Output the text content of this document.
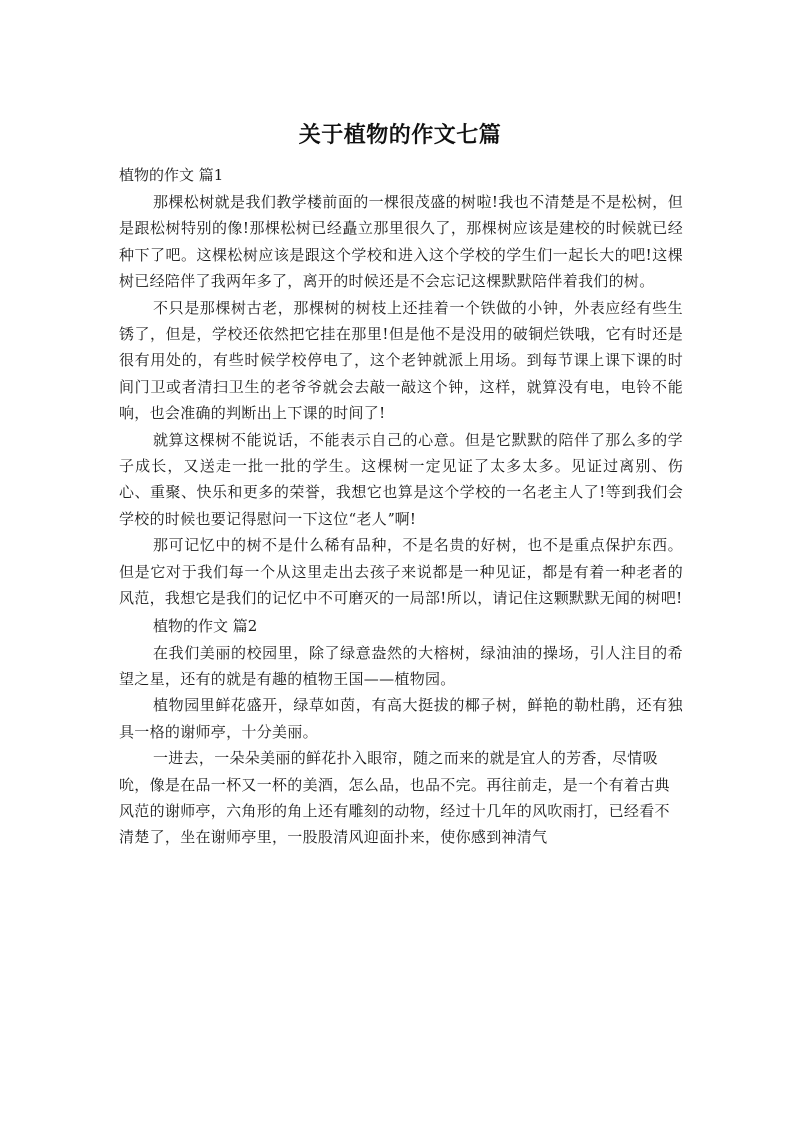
关于植物的作文七篇
植物的作文 篇1

那棵松树就是我们教学楼前面的一棵很茂盛的树啦!我也不清楚是不是松树，但是跟松树特别的像!那棵松树已经矗立那里很久了，那棵树应该是建校的时候就已经种下了吧。这棵松树应该是跟这个学校和进入这个学校的学生们一起长大的吧!这棵树已经陪伴了我两年多了，离开的时候还是不会忘记这棵默默陪伴着我们的树。

不只是那棵树古老，那棵树的树枝上还挂着一个铁做的小钟，外表应经有些生锈了，但是，学校还依然把它挂在那里!但是他不是没用的破铜烂铁哦，它有时还是很有用处的，有些时候学校停电了，这个老钟就派上用场。到每节课上课下课的时间门卫或者清扫卫生的老爷爷就会去敲一敲这个钟，这样，就算没有电，电铃不能响，也会准确的判断出上下课的时间了!

就算这棵树不能说话，不能表示自己的心意。但是它默默的陪伴了那么多的学子成长，又送走一批一批的学生。这棵树一定见证了太多太多。见证过离别、伤心、重聚、快乐和更多的荣誉，我想它也算是这个学校的一名老主人了!等到我们会学校的时候也要记得慰问一下这位“老人ˮ啊!

那可记忆中的树不是什么稀有品种，不是名贵的好树，也不是重点保护东西。但是它对于我们每一个从这里走出去孩子来说都是一种见证，都是有着一种老者的风范，我想它是我们的记忆中不可磨灭的一局部!所以，请记住这颗默默无闻的树吧!

植物的作文 篇2

在我们美丽的校园里，除了绿意盎然的大榕树，绿油油的操场，引人注目的希望之星，还有的就是有趣的植物王国——植物园。

植物园里鲜花盛开，绿草如茵，有高大挺拔的椰子树，鲜艳的勒杜鹃，还有独具一格的谢师亭，十分美丽。

一进去，一朵朵美丽的鲜花扑入眼帘，随之而来的就是宜人的芳香，尽情吸吮，像是在品一杯又一杯的美酒，怎么品，也品不完。再往前走，是一个有着古典风范的谢师亭，六角形的角上还有雕刻的动物，经过十几年的风吹雨打，已经看不清楚了，坐在谢师亭里，一股股清风迎面扑来，使你感到神清气
